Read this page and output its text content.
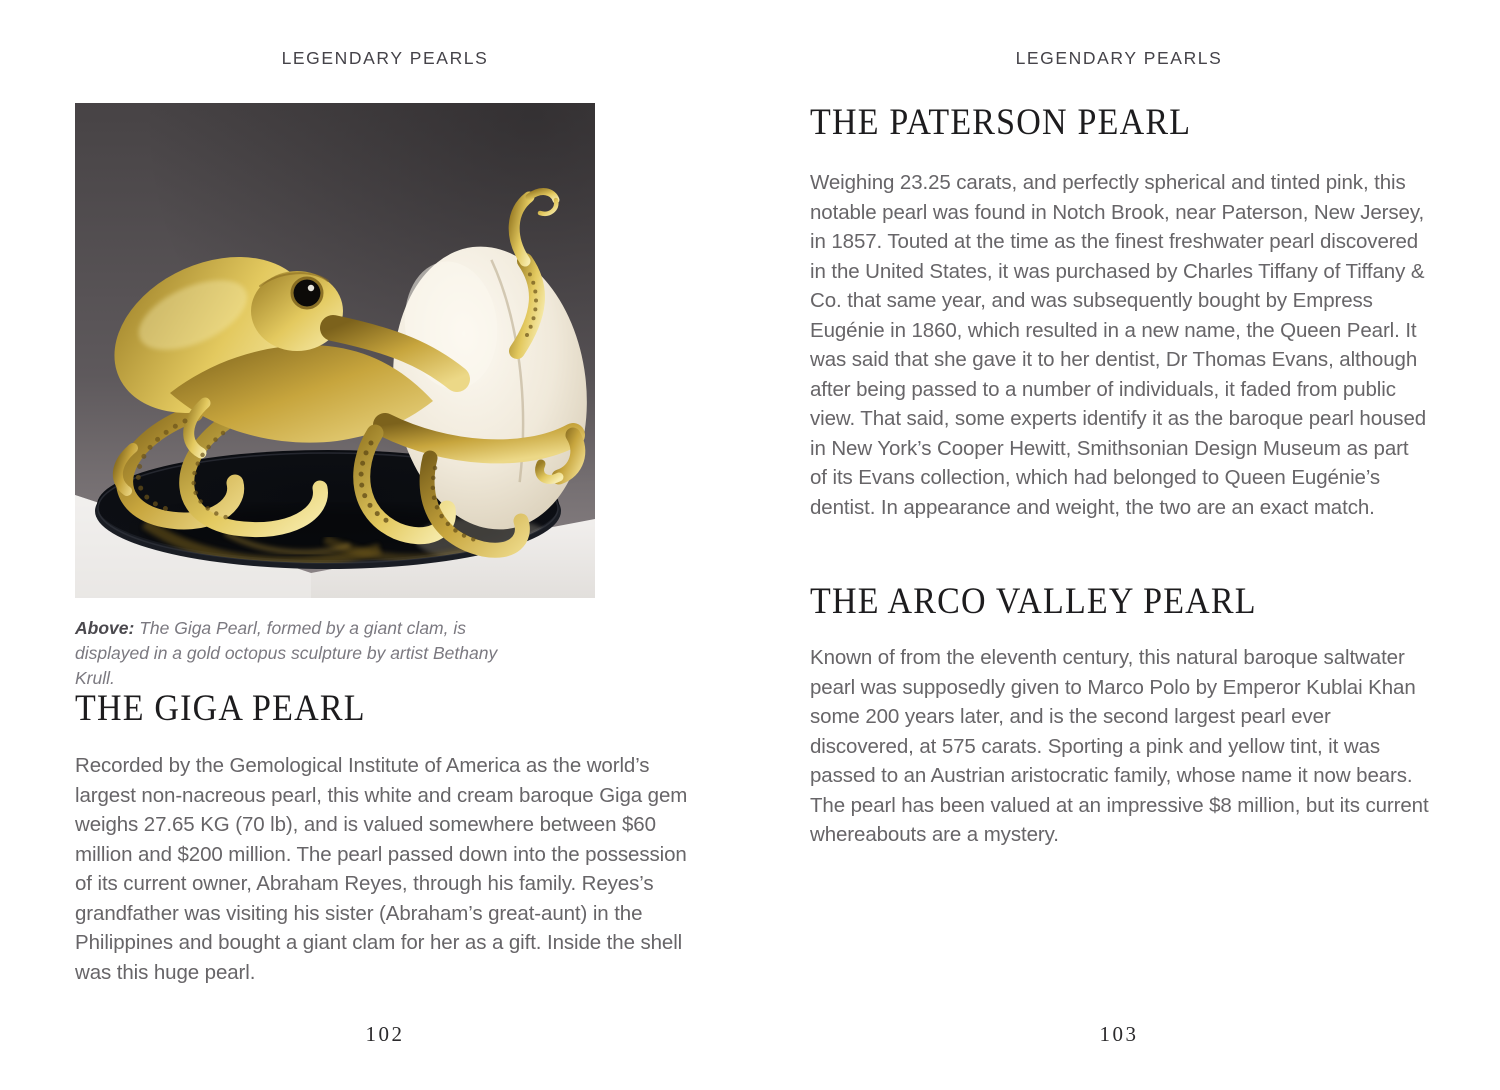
LEGENDARY PEARLS

Above: The Giga Pearl, formed by a giant clam, is displayed in a gold octopus sculpture by artist Bethany Krull.

THE GIGA PEARL

Recorded by the Gemological Institute of America as the world’s largest non-nacreous pearl, this white and cream baroque Giga gem weighs 27.65 KG (70 lb), and is valued somewhere between $60 million and $200 million. The pearl passed down into the possession of its current owner, Abraham Reyes, through his family. Reyes’s grandfather was visiting his sister (Abraham’s great-aunt) in the Philippines and bought a giant clam for her as a gift. Inside the shell was this huge pearl.

102
LEGENDARY PEARLS
THE PATERSON PEARL

Weighing 23.25 carats, and perfectly spherical and tinted pink, this notable pearl was found in Notch Brook, near Paterson, New Jersey, in 1857. Touted at the time as the finest freshwater pearl discovered in the United States, it was purchased by Charles Tiffany of Tiffany & Co. that same year, and was subsequently bought by Empress Eugénie in 1860, which resulted in a new name, the Queen Pearl. It was said that she gave it to her dentist, Dr Thomas Evans, although after being passed to a number of individuals, it faded from public view. That said, some experts identify it as the baroque pearl housed in New York’s Cooper Hewitt, Smithsonian Design Museum as part of its Evans collection, which had belonged to Queen Eugénie’s dentist. In appearance and weight, the two are an exact match.

THE ARCO VALLEY PEARL

Known of from the eleventh century, this natural baroque saltwater pearl was supposedly given to Marco Polo by Emperor Kublai Khan some 200 years later, and is the second largest pearl ever discovered, at 575 carats. Sporting a pink and yellow tint, it was passed to an Austrian aristocratic family, whose name it now bears. The pearl has been valued at an impressive $8 million, but its current whereabouts are a mystery.

103
